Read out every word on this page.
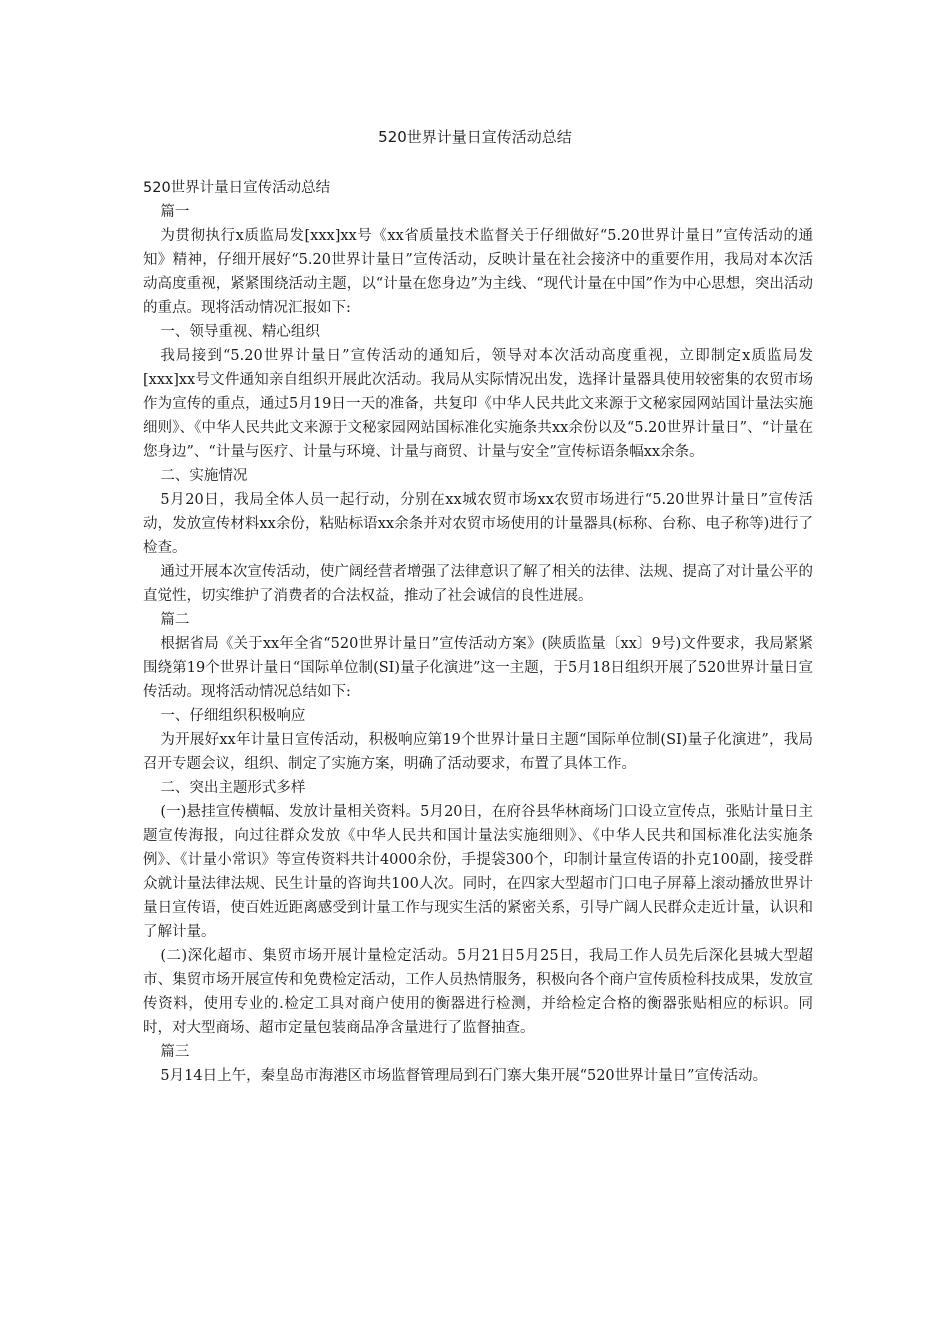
520世界计量日宣传活动总结

520世界计量日宣传活动总结

篇一

为贯彻执行x质监局发[xxx]xx号《xx省质量技术监督关于仔细做好“5.20世界计量日”宣传活动的通知》精神，仔细开展好“5.20世界计量日”宣传活动，反映计量在社会接济中的重要作用，我局对本次活动高度重视，紧紧围绕活动主题，以“计量在您身边”为主线、“现代计量在中国”作为中心思想，突出活动的重点。现将活动情况汇报如下:

一、领导重视、精心组织

我局接到“5.20世界计量日”宣传活动的通知后，领导对本次活动高度重视，立即制定x质监局发[xxx]xx号文件通知亲自组织开展此次活动。我局从实际情况出发，选择计量器具使用较密集的农贸市场作为宣传的重点，通过5月19日一天的准备，共复印《中华人民共此文来源于文秘家园网站国计量法实施细则》、《中华人民共此文来源于文秘家园网站国标准化实施条共xx余份以及“5.20世界计量日”、“计量在您身边”、“计量与医疗、计量与环境、计量与商贸、计量与安全”宣传标语条幅xx余条。

二、实施情况

5月20日，我局全体人员一起行动，分别在xx城农贸市场xx农贸市场进行“5.20世界计量日”宣传活动，发放宣传材料xx余份，粘贴标语xx余条并对农贸市场使用的计量器具(标称、台称、电子称等)进行了检查。

通过开展本次宣传活动，使广阔经营者增强了法律意识了解了相关的法律、法规、提高了对计量公平的直觉性，切实维护了消费者的合法权益，推动了社会诚信的良性进展。

篇二

根据省局《关于xx年全省“520世界计量日”宣传活动方案》(陕质监量〔xx〕9号)文件要求，我局紧紧围绕第19个世界计量日“国际单位制(SI)量子化演进”这一主题，于5月18日组织开展了520世界计量日宣传活动。现将活动情况总结如下:

一、仔细组织积极响应

为开展好xx年计量日宣传活动，积极响应第19个世界计量日主题“国际单位制(SI)量子化演进”，我局召开专题会议，组织、制定了实施方案，明确了活动要求，布置了具体工作。

二、突出主题形式多样

(一)悬挂宣传横幅、发放计量相关资料。5月20日，在府谷县华林商场门口设立宣传点，张贴计量日主题宣传海报，向过往群众发放《中华人民共和国计量法实施细则》、《中华人民共和国标准化法实施条例》、《计量小常识》等宣传资料共计4000余份，手提袋300个，印制计量宣传语的扑克100副，接受群众就计量法律法规、民生计量的咨询共100人次。同时，在四家大型超市门口电子屏幕上滚动播放世界计量日宣传语，使百姓近距离感受到计量工作与现实生活的紧密关系，引导广阔人民群众走近计量，认识和了解计量。

(二)深化超市、集贸市场开展计量检定活动。5月21日5月25日，我局工作人员先后深化县城大型超市、集贸市场开展宣传和免费检定活动，工作人员热情服务，积极向各个商户宣传质检科技成果，发放宣传资料，使用专业的.检定工具对商户使用的衡器进行检测，并给检定合格的衡器张贴相应的标识。同时，对大型商场、超市定量包装商品净含量进行了监督抽查。

篇三

5月14日上午，秦皇岛市海港区市场监督管理局到石门寨大集开展“520世界计量日”宣传活动。
